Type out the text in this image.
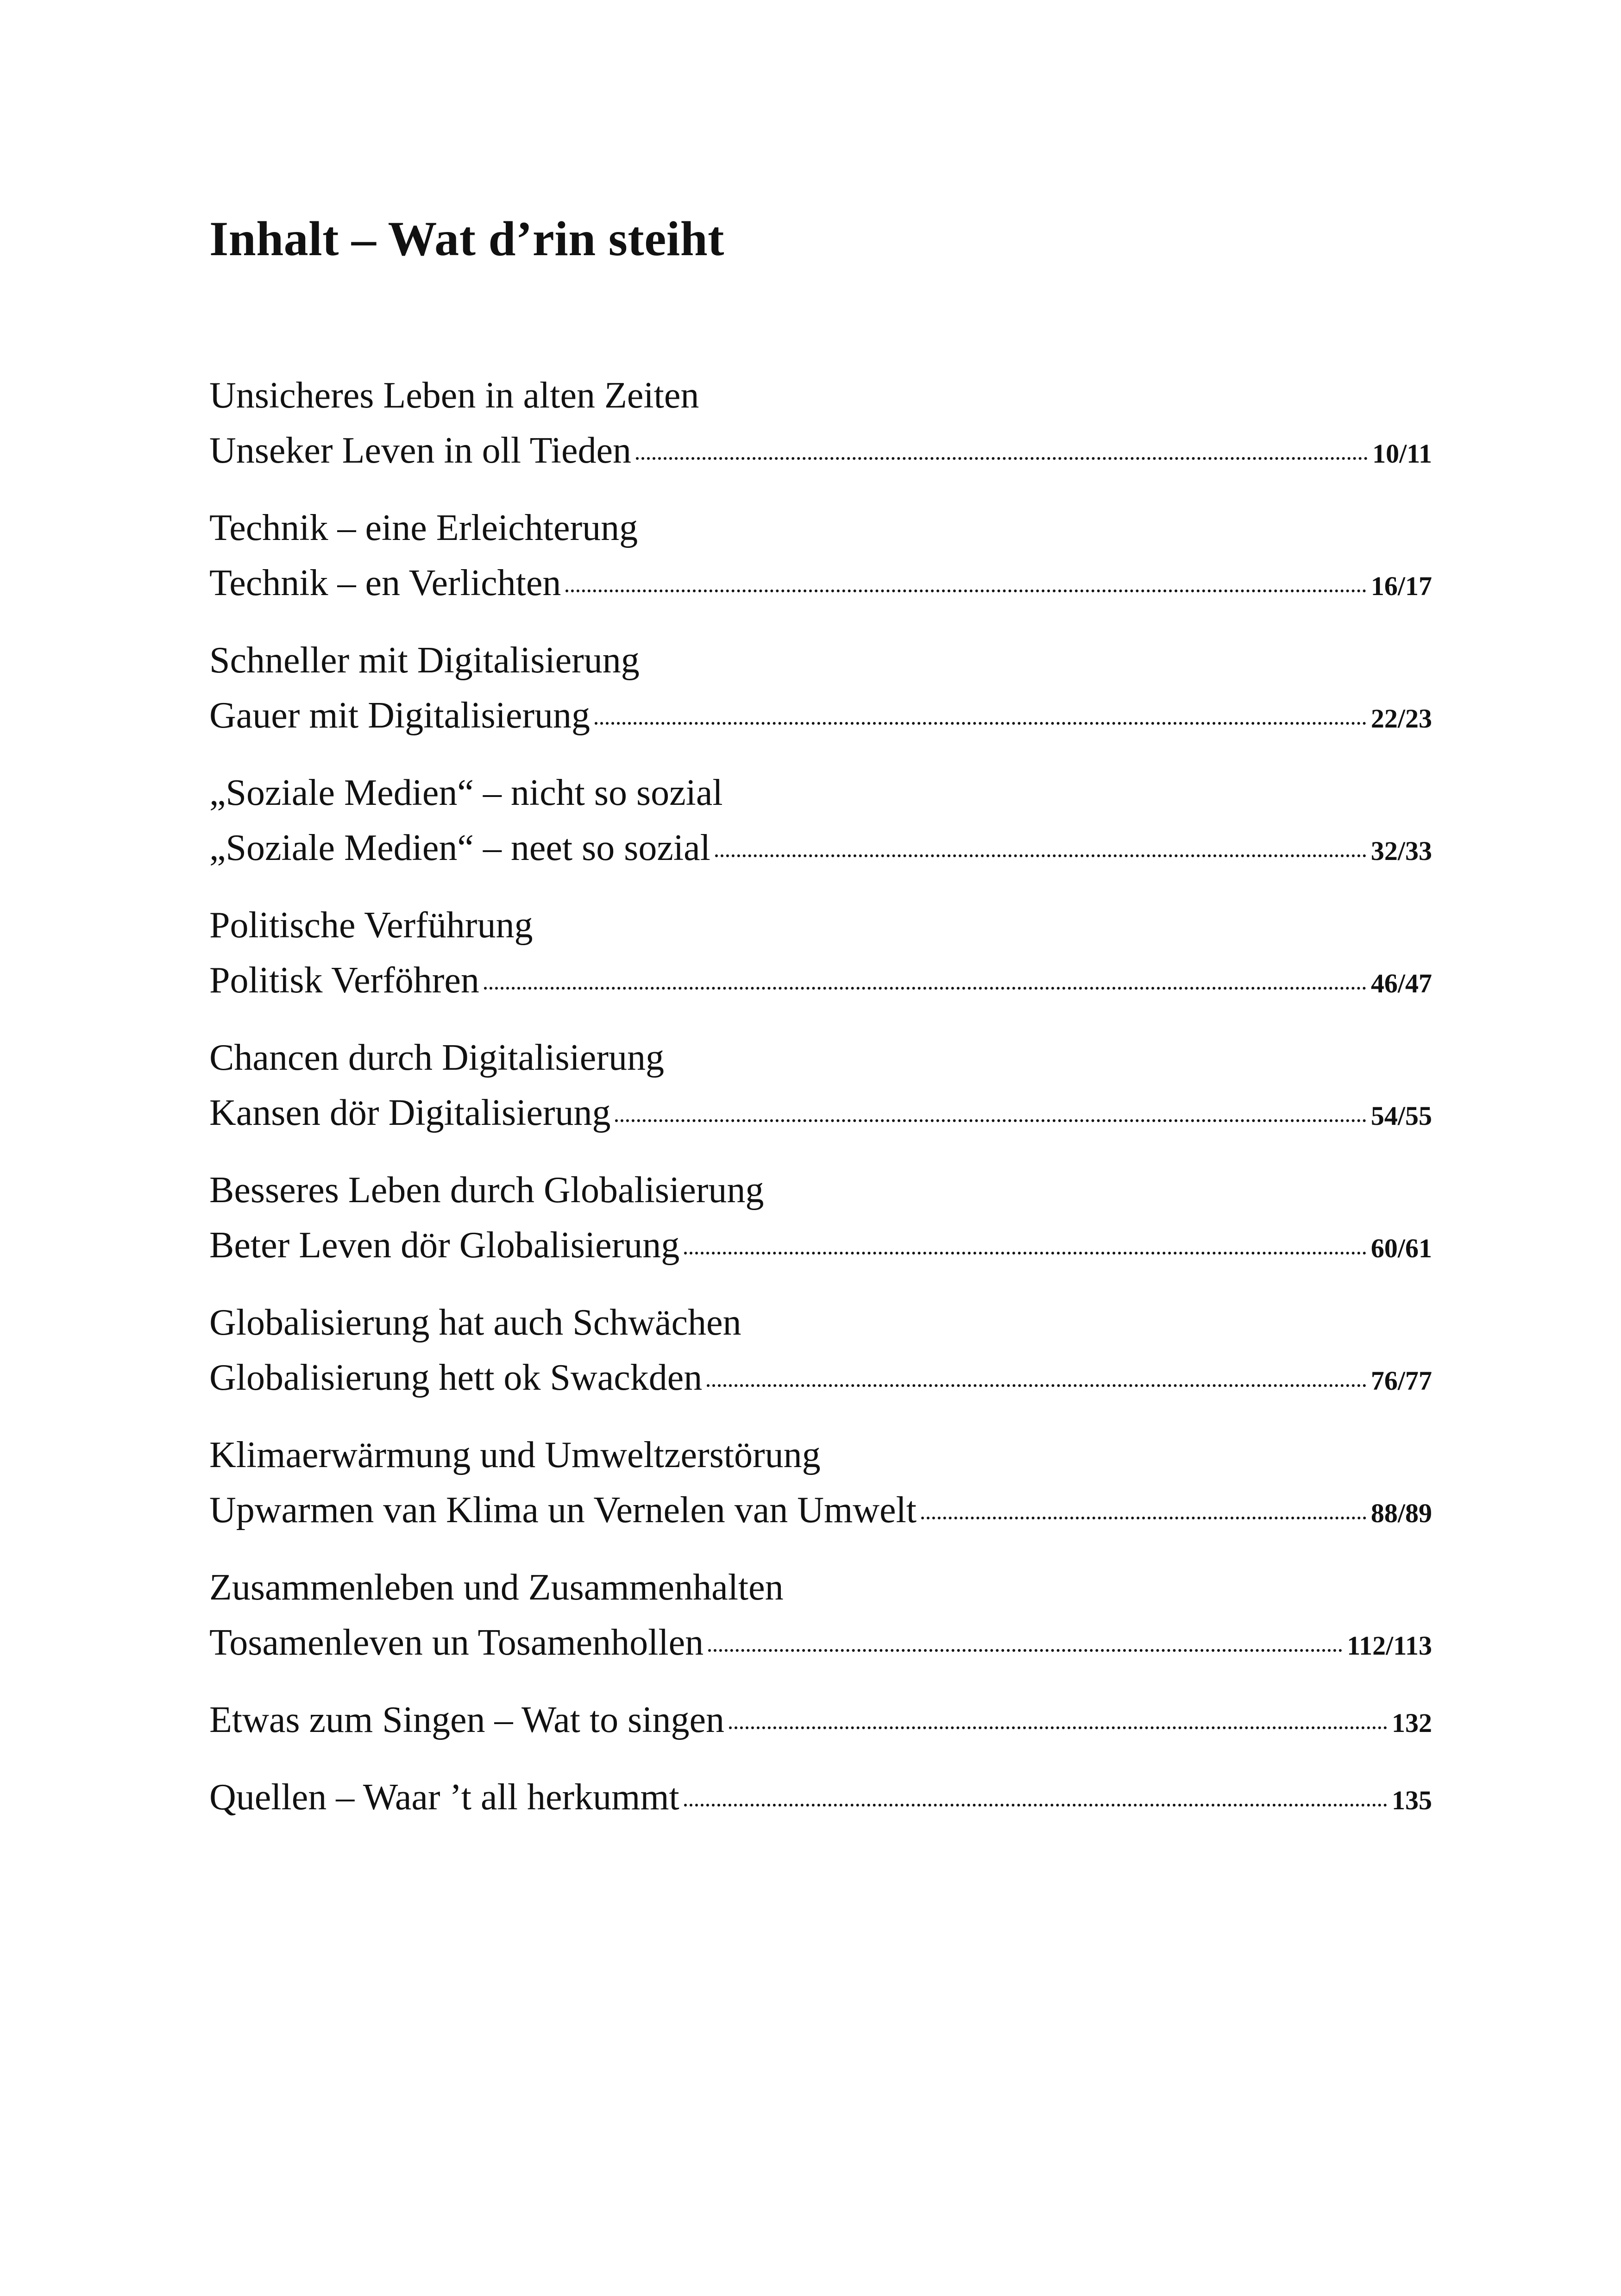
Inhalt – Wat d’rin steiht
Unsicheres Leben in alten Zeiten
Unseker Leven in oll Tieden	10/11
Technik – eine Erleichterung
Technik – en Verlichten	16/17
Schneller mit Digitalisierung
Gauer mit Digitalisierung	22/23
„Soziale Medien“ – nicht so sozial
„Soziale Medien“ – neet so sozial	32/33
Politische Verführung
Politisk Verföhren	46/47
Chancen durch Digitalisierung
Kansen dör Digitalisierung	54/55
Besseres Leben durch Globalisierung
Beter Leven dör Globalisierung	60/61
Globalisierung hat auch Schwächen
Globalisierung hett ok Swackden	76/77
Klimaerwärmung und Umweltzerstörung
Upwarmen van Klima un Vernelen van Umwelt	88/89
Zusammenleben und Zusammenhalten
Tosamenleven un Tosamenhollen	112/113
Etwas zum Singen – Wat to singen	132
Quellen – Waar ’t all herkummt	135
